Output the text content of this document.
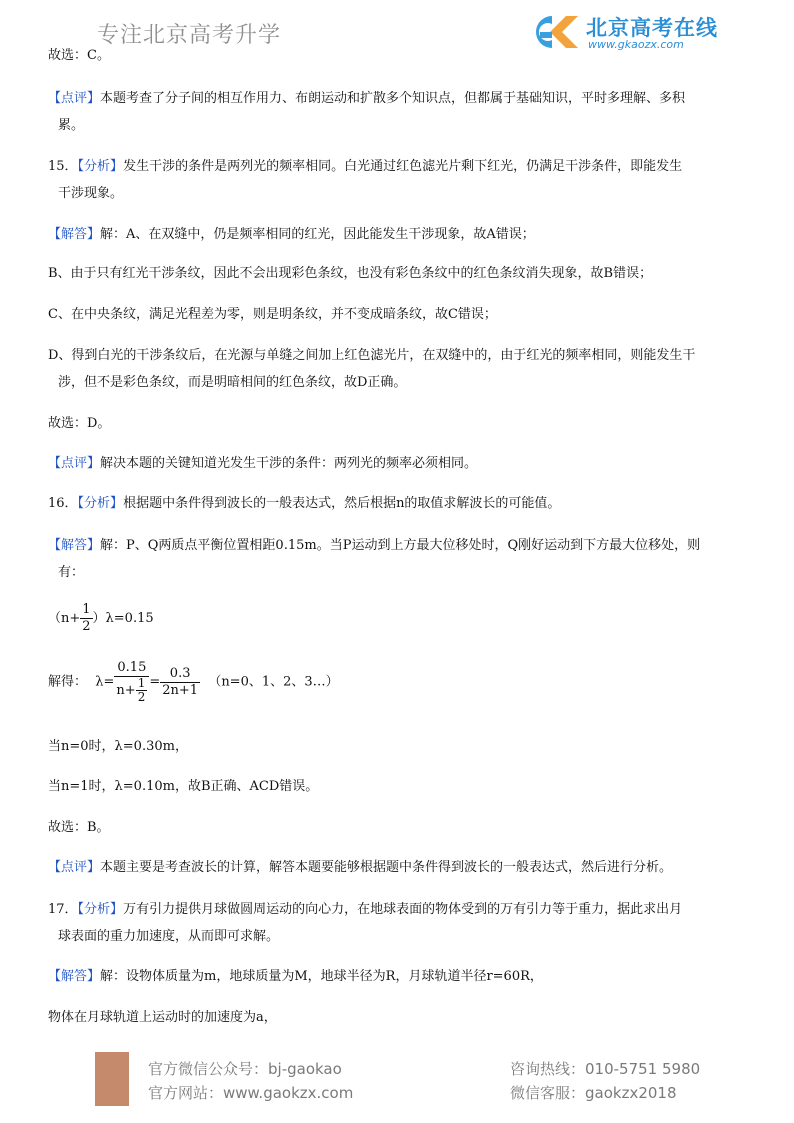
专注北京高考升学	北京高考在线
www.gkaozx.com
故选：C。
【点评】本题考查了分子间的相互作用力、布朗运动和扩散多个知识点，但都属于基础知识，平时多理解、多积
累。
15．【分析】发生干涉的条件是两列光的频率相同。白光通过红色滤光片剩下红光，仍满足干涉条件，即能发生
干涉现象。
【解答】解：A、在双缝中，仍是频率相同的红光，因此能发生干涉现象，故A错误；
B、由于只有红光干涉条纹，因此不会出现彩色条纹，也没有彩色条纹中的红色条纹消失现象，故B错误；
C、在中央条纹，满足光程差为零，则是明条纹，并不变成暗条纹，故C错误；
D、得到白光的干涉条纹后，在光源与单缝之间加上红色滤光片，在双缝中的，由于红光的频率相同，则能发生干
涉，但不是彩色条纹，而是明暗相间的红色条纹，故D正确。
故选：D。
【点评】解决本题的关键知道光发生干涉的条件：两列光的频率必须相同。
16．【分析】根据题中条件得到波长的一般表达式，然后根据n的取值求解波长的可能值。
【解答】解：P、Q两质点平衡位置相距0.15m。当P运动到上方最大位移处时，Q刚好运动到下方最大位移处，则
有：
$(n+ \frac{1}{2} )\lambda=0.15$
解得： $\lambda= \frac{0.15}{n+ \frac{1}{2}} = \frac{0.3}{2n+1} (n=0$、1、2、3…）
当n=0时，λ=0.30m，
当n=1时，λ=0.10m，故B正确、ACD错误。
故选：B。
【点评】本题主要是考查波长的计算，解答本题要能够根据题中条件得到波长的一般表达式，然后进行分析。
17．【分析】万有引力提供月球做圆周运动的向心力，在地球表面的物体受到的万有引力等于重力，据此求出月
球表面的重力加速度，从而即可求解。
【解答】解：设物体质量为m，地球质量为M，地球半径为R，月球轨道半径r=60R，
物体在月球轨道上运动时的加速度为a，
官方微信公众号：bj-gaokao
官方网站：www.gaokzx.com
咨询热线：010-5751 5980
微信客服：gaokzx2018
